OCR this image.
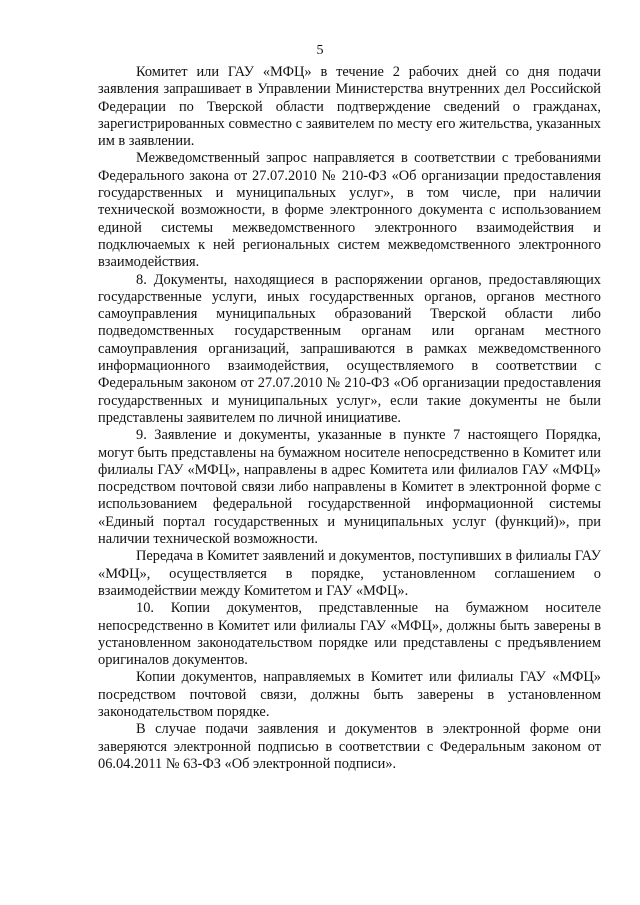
5

Комитет или ГАУ «МФЦ» в течение 2 рабочих дней со дня подачи заявления запрашивает в Управлении Министерства внутренних дел Российской Федерации по Тверской области подтверждение сведений о гражданах, зарегистрированных совместно с заявителем по месту его жительства, указанных им в заявлении.

Межведомственный запрос направляется в соответствии с требованиями Федерального закона от 27.07.2010 № 210-ФЗ «Об организации предоставления государственных и муниципальных услуг», в том числе, при наличии технической возможности, в форме электронного документа с использованием единой системы межведомственного электронного взаимодействия и подключаемых к ней региональных систем межведомственного электронного взаимодействия.

8. Документы, находящиеся в распоряжении органов, предоставляющих государственные услуги, иных государственных органов, органов местного самоуправления муниципальных образований Тверской области либо подведомственных государственным органам или органам местного самоуправления организаций, запрашиваются в рамках межведомственного информационного взаимодействия, осуществляемого в соответствии с Федеральным законом от 27.07.2010 № 210-ФЗ «Об организации предоставления государственных и муниципальных услуг», если такие документы не были представлены заявителем по личной инициативе.

9. Заявление и документы, указанные в пункте 7 настоящего Порядка, могут быть представлены на бумажном носителе непосредственно в Комитет или филиалы ГАУ «МФЦ», направлены в адрес Комитета или филиалов ГАУ «МФЦ» посредством почтовой связи либо направлены в Комитет в электронной форме с использованием федеральной государственной информационной системы «Единый портал государственных и муниципальных услуг (функций)», при наличии технической возможности.

Передача в Комитет заявлений и документов, поступивших в филиалы ГАУ «МФЦ», осуществляется в порядке, установленном соглашением о взаимодействии между Комитетом и ГАУ «МФЦ».

10. Копии документов, представленные на бумажном носителе непосредственно в Комитет или филиалы ГАУ «МФЦ», должны быть заверены в установленном законодательством порядке или представлены с предъявлением оригиналов документов.

Копии документов, направляемых в Комитет или филиалы ГАУ «МФЦ» посредством почтовой связи, должны быть заверены в установленном законодательством порядке.

В случае подачи заявления и документов в электронной форме они заверяются электронной подписью в соответствии с Федеральным законом от 06.04.2011 № 63-ФЗ «Об электронной подписи».
